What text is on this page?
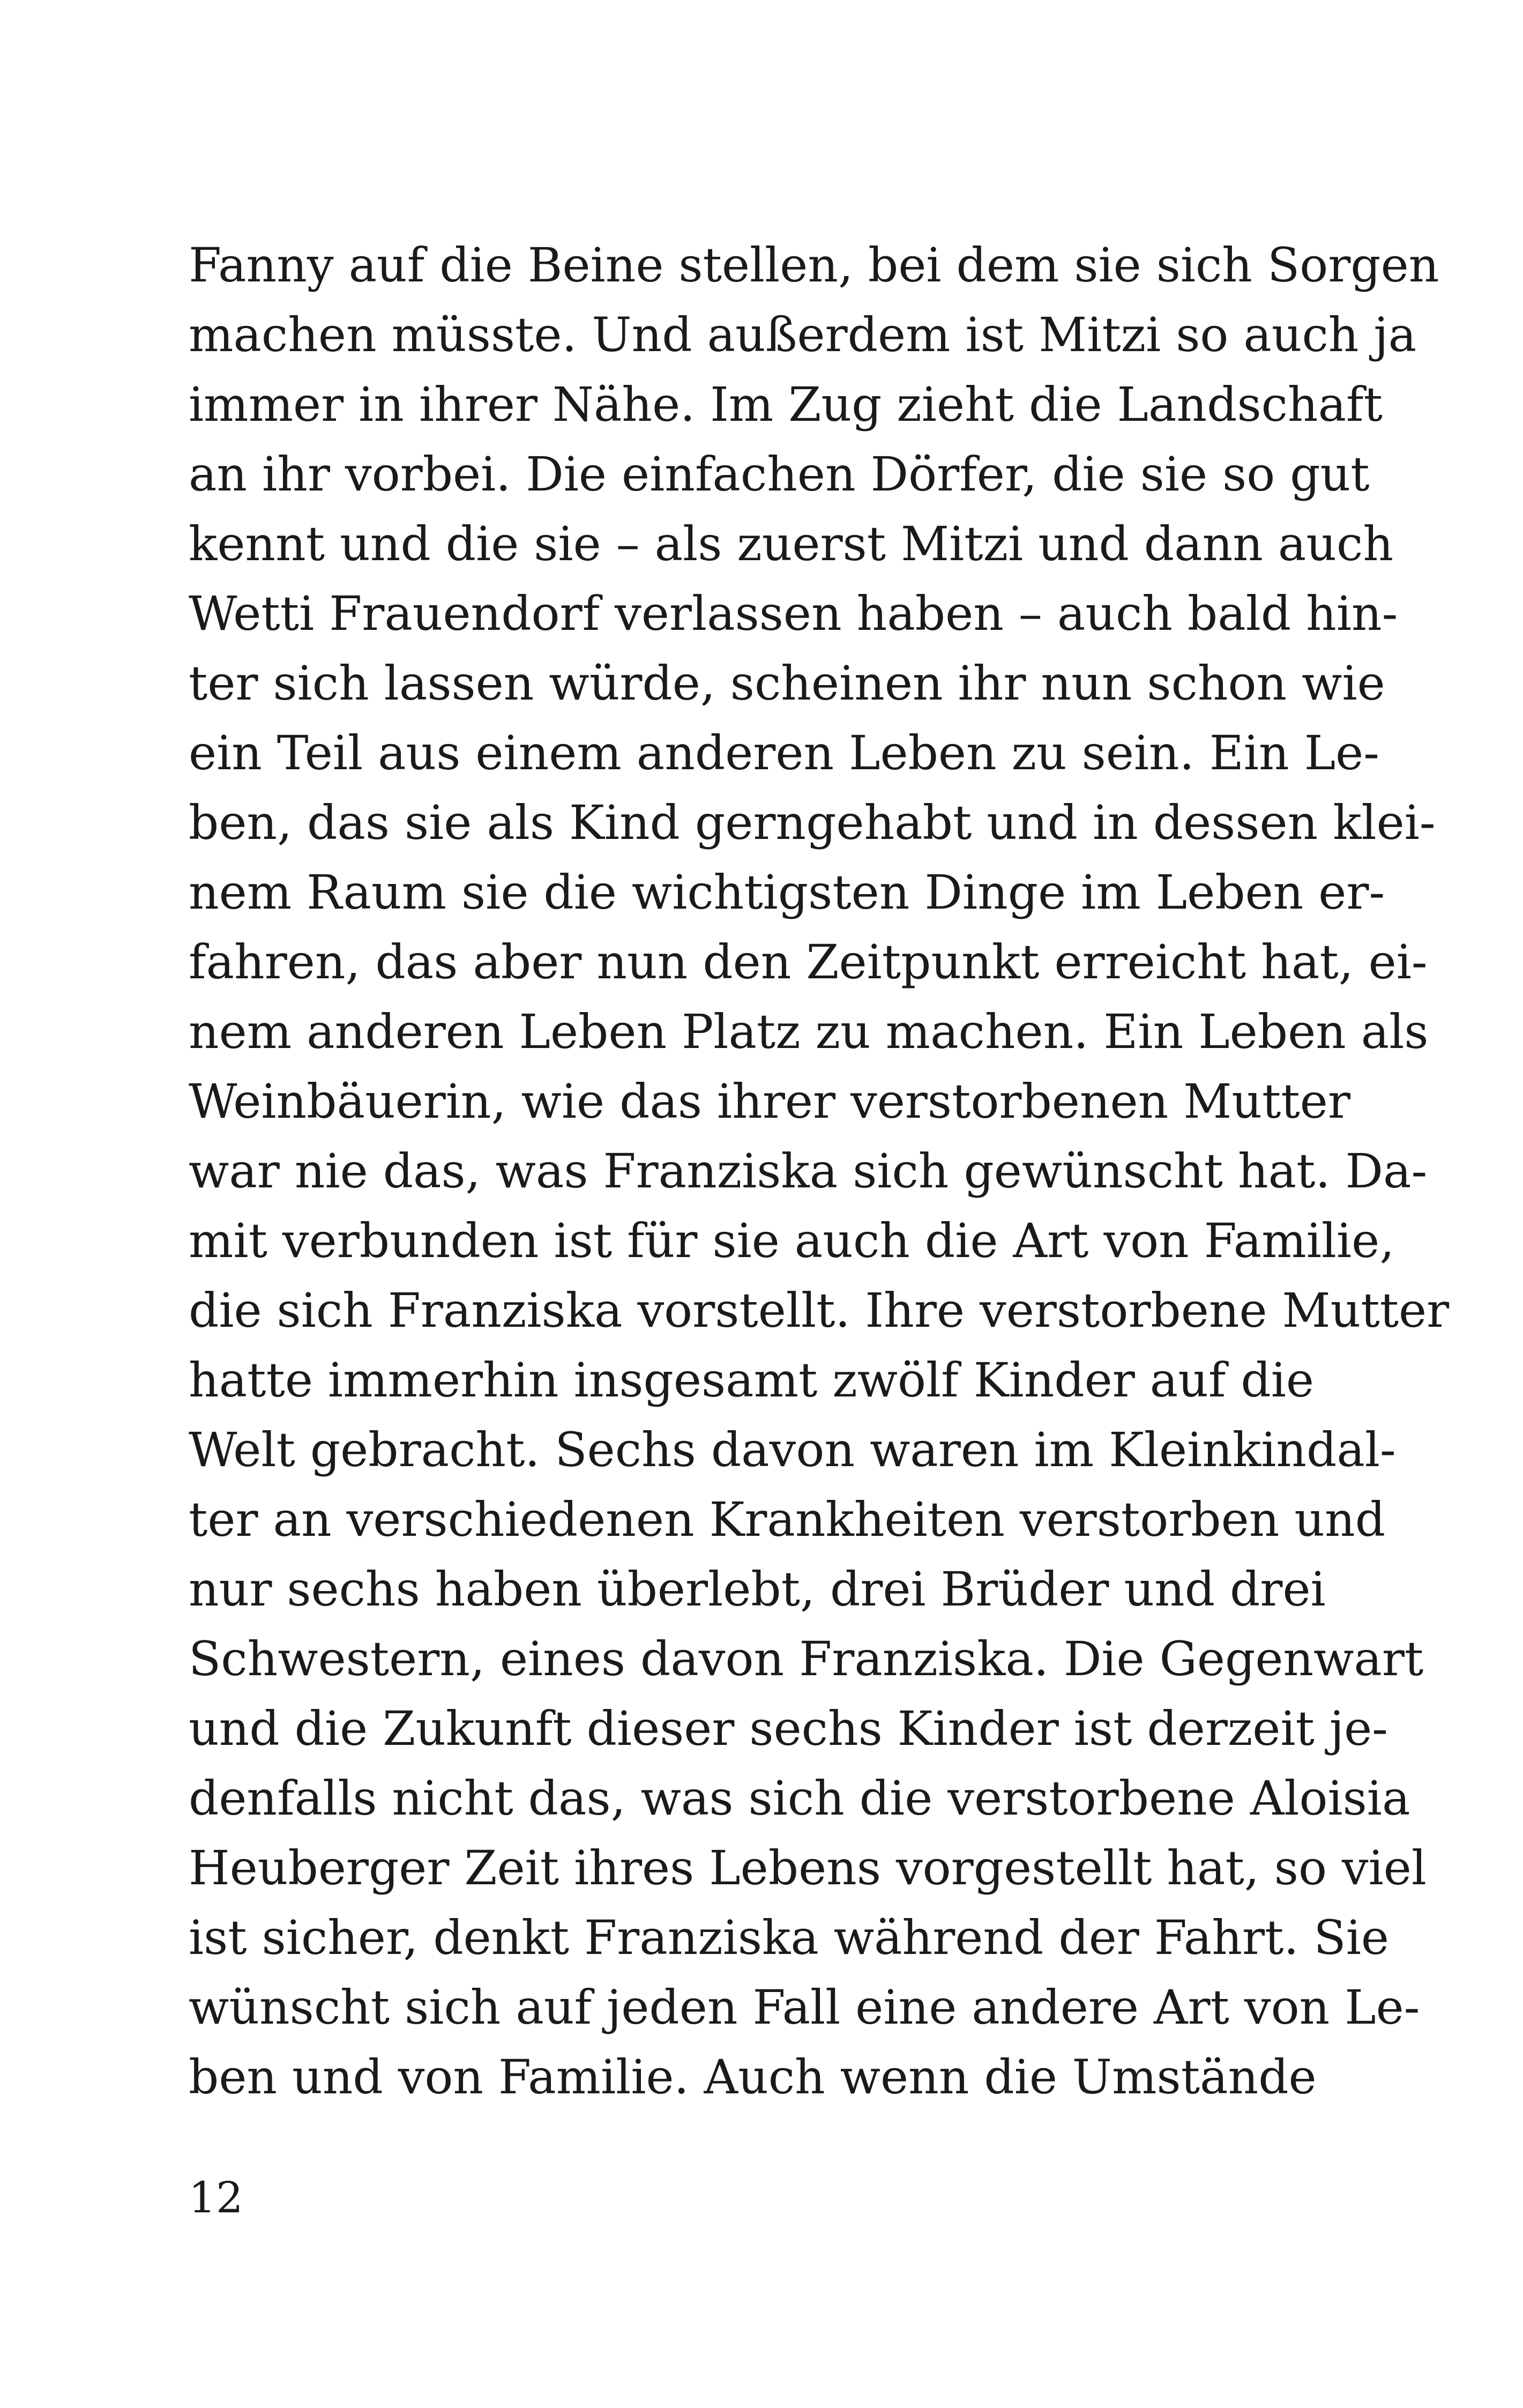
Fanny auf die Beine stellen, bei dem sie sich Sorgen
machen müsste. Und außerdem ist Mitzi so auch ja
immer in ihrer Nähe. Im Zug zieht die Landschaft
an ihr vorbei. Die einfachen Dörfer, die sie so gut
kennt und die sie – als zuerst Mitzi und dann auch
Wetti Frauendorf verlassen haben – auch bald hin-
ter sich lassen würde, scheinen ihr nun schon wie
ein Teil aus einem anderen Leben zu sein. Ein Le-
ben, das sie als Kind gerngehabt und in dessen klei-
nem Raum sie die wichtigsten Dinge im Leben er-
fahren, das aber nun den Zeitpunkt erreicht hat, ei-
nem anderen Leben Platz zu machen. Ein Leben als
Weinbäuerin, wie das ihrer verstorbenen Mutter
war nie das, was Franziska sich gewünscht hat. Da-
mit verbunden ist für sie auch die Art von Familie,
die sich Franziska vorstellt. Ihre verstorbene Mutter
hatte immerhin insgesamt zwölf Kinder auf die
Welt gebracht. Sechs davon waren im Kleinkindal-
ter an verschiedenen Krankheiten verstorben und
nur sechs haben überlebt, drei Brüder und drei
Schwestern, eines davon Franziska. Die Gegenwart
und die Zukunft dieser sechs Kinder ist derzeit je-
denfalls nicht das, was sich die verstorbene Aloisia
Heuberger Zeit ihres Lebens vorgestellt hat, so viel
ist sicher, denkt Franziska während der Fahrt. Sie
wünscht sich auf jeden Fall eine andere Art von Le-
ben und von Familie. Auch wenn die Umstände
12
